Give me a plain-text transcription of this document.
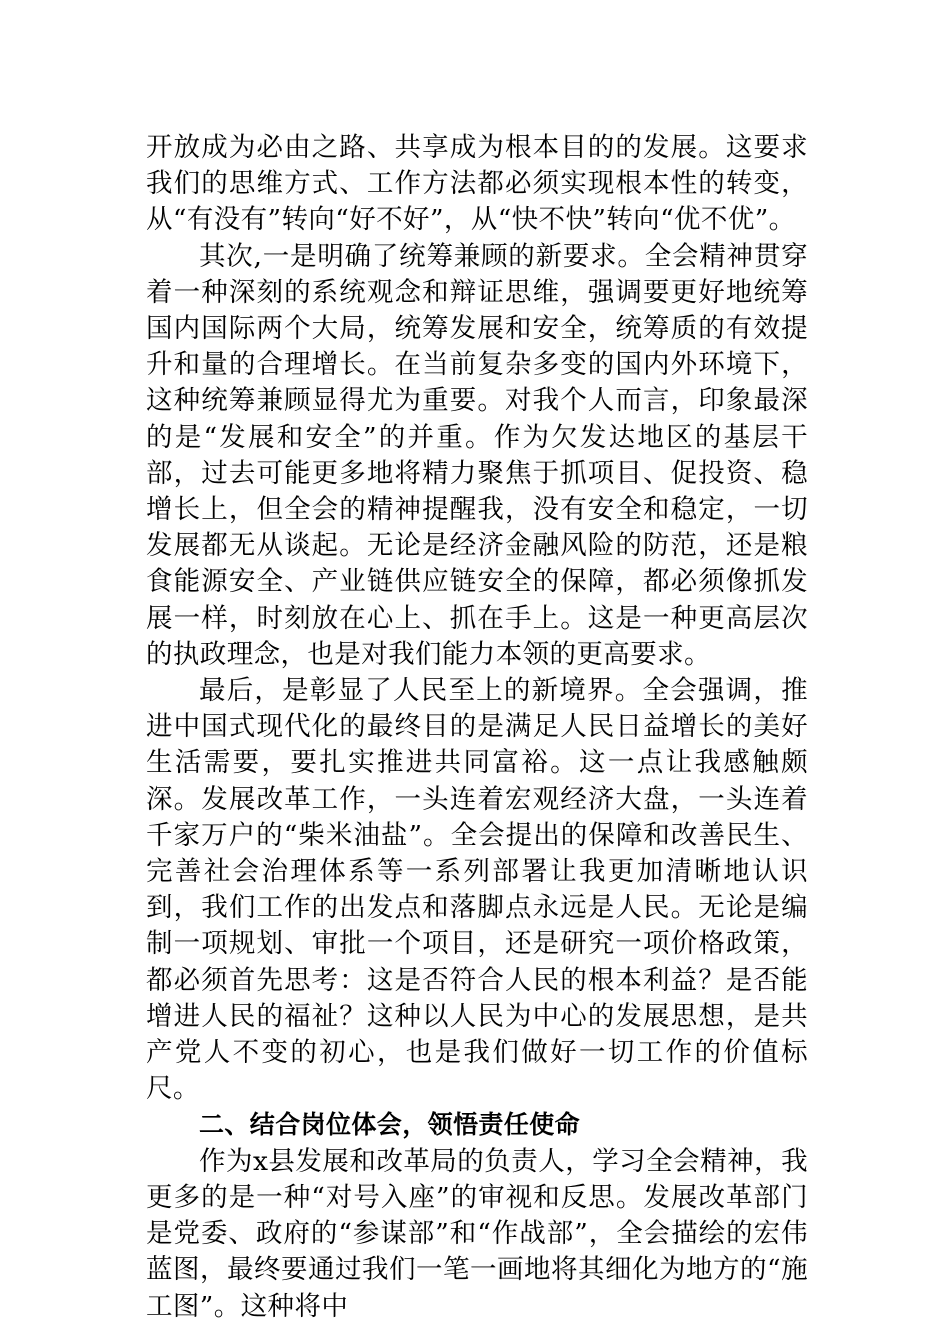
开放成为必由之路、共享成为根本目的的发展。这要求我们的思维方式、工作方法都必须实现根本性的转变，从“有没有”转向“好不好”，从“快不快”转向“优不优”。

其次,一是明确了统筹兼顾的新要求。全会精神贯穿着一种深刻的系统观念和辩证思维，强调要更好地统筹国内国际两个大局，统筹发展和安全，统筹质的有效提升和量的合理增长。在当前复杂多变的国内外环境下，这种统筹兼顾显得尤为重要。对我个人而言，印象最深的是“发展和安全”的并重。作为欠发达地区的基层干部，过去可能更多地将精力聚焦于抓项目、促投资、稳增长上，但全会的精神提醒我，没有安全和稳定，一切发展都无从谈起。无论是经济金融风险的防范，还是粮食能源安全、产业链供应链安全的保障，都必须像抓发展一样，时刻放在心上、抓在手上。这是一种更高层次的执政理念，也是对我们能力本领的更高要求。

最后，是彰显了人民至上的新境界。全会强调，推进中国式现代化的最终目的是满足人民日益增长的美好生活需要，要扎实推进共同富裕。这一点让我感触颇深。发展改革工作，一头连着宏观经济大盘，一头连着千家万户的“柴米油盐”。全会提出的保障和改善民生、完善社会治理体系等一系列部署让我更加清晰地认识到，我们工作的出发点和落脚点永远是人民。无论是编制一项规划、审批一个项目，还是研究一项价格政策，都必须首先思考：这是否符合人民的根本利益？是否能增进人民的福祉？这种以人民为中心的发展思想，是共产党人不变的初心，也是我们做好一切工作的价值标尺。

二、结合岗位体会，领悟责任使命

作为x县发展和改革局的负责人，学习全会精神，我更多的是一种“对号入座”的审视和反思。发展改革部门是党委、政府的“参谋部”和“作战部”，全会描绘的宏伟蓝图，最终要通过我们一笔一画地将其细化为地方的“施工图”。这种将中
